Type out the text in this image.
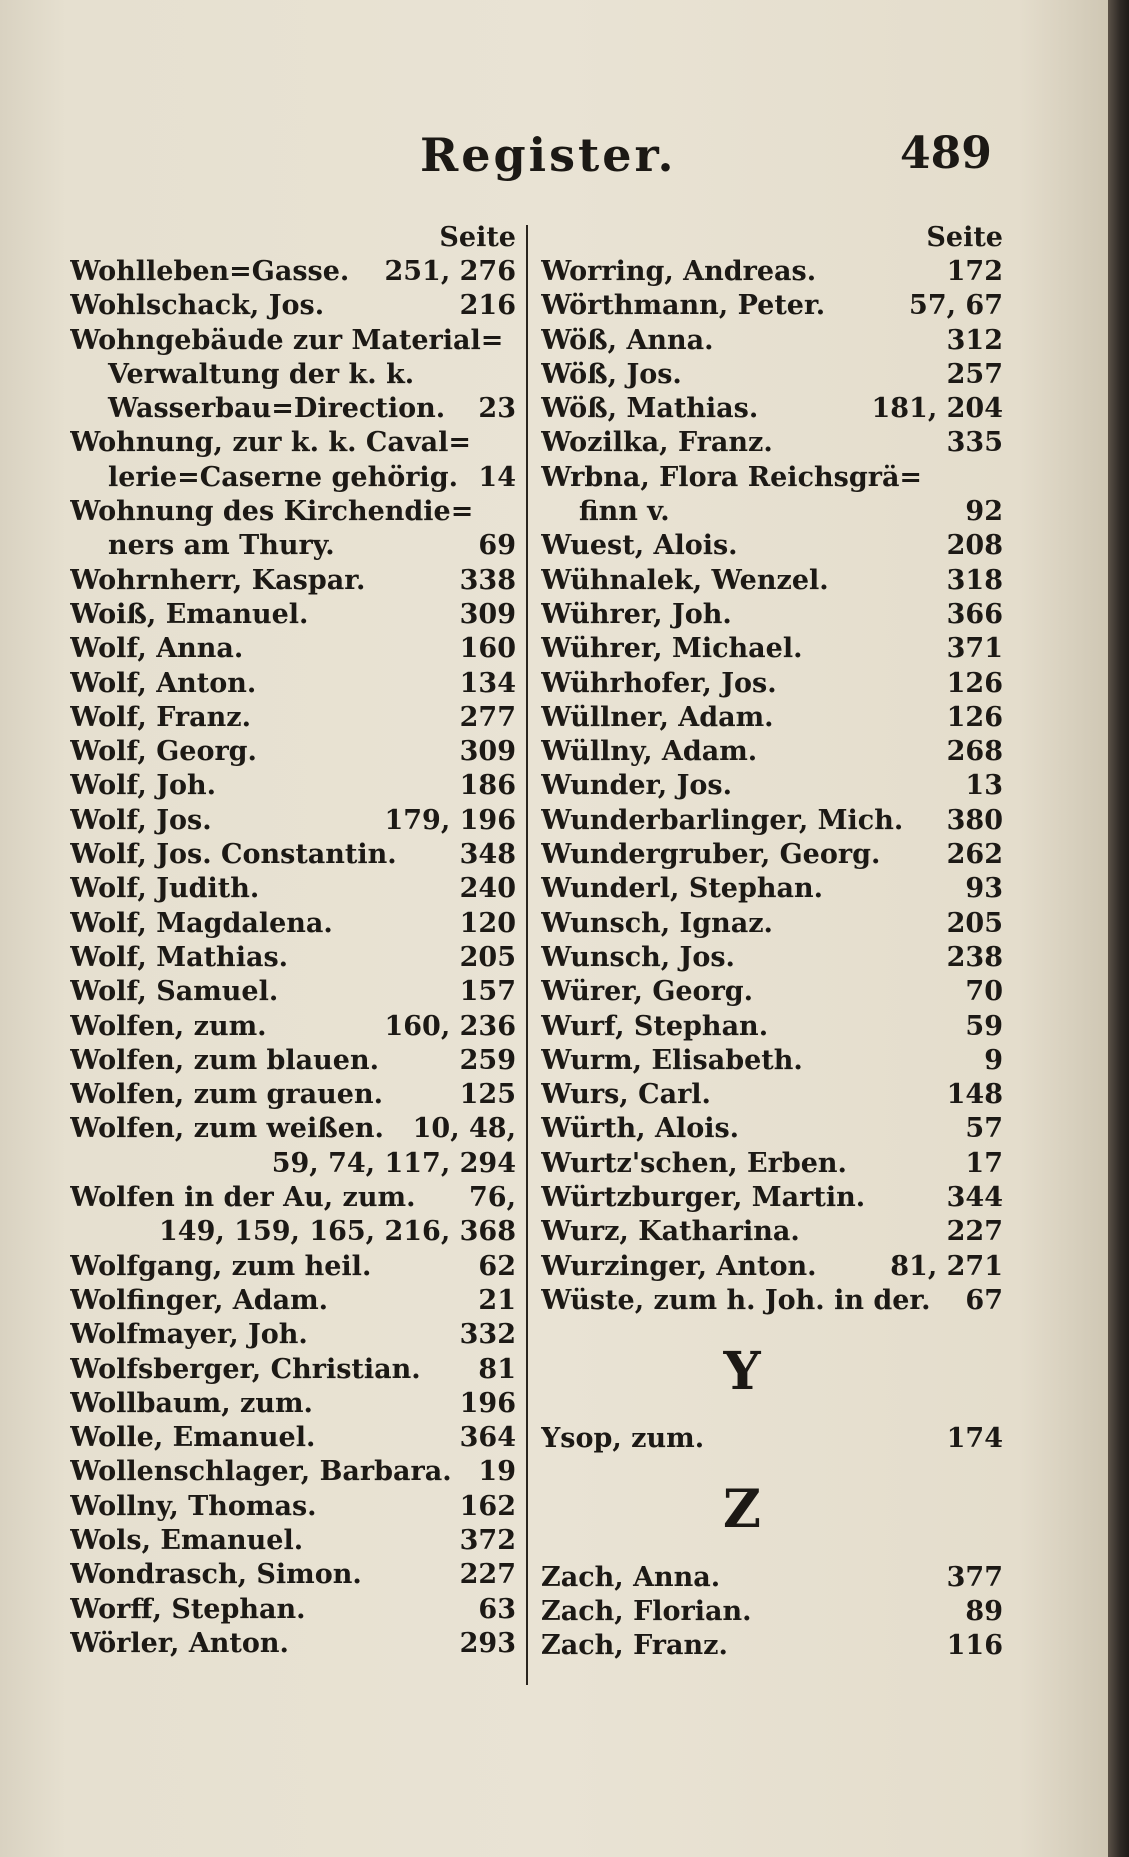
Register.	489
Seite
Wohlleben=Gasse.	251, 276
Wohlschack, Jos.	216
Wohngebäude zur Material=
Verwaltung der k. k.
Wasserbau=Direction.	23
Wohnung, zur k. k. Caval=
lerie=Caserne gehörig. 14
Wohnung des Kirchendie=
ners am Thury.	69
Wohrnherr, Kaspar.	338
Woiß, Emanuel.	309
Wolf, Anna.	160
Wolf, Anton.	134
Wolf, Franz.	277
Wolf, Georg.	309
Wolf, Joh.	186
Wolf, Jos.	179, 196
Wolf, Jos. Constantin.	348
Wolf, Judith.	240
Wolf, Magdalena.	120
Wolf, Mathias.	205
Wolf, Samuel.	157
Wolfen, zum.	160, 236
Wolfen, zum blauen.	259
Wolfen, zum grauen.	125
Wolfen, zum weißen.	10, 48,
59, 74, 117, 294
Wolfen in der Au, zum.	76,
149, 159, 165, 216, 368
Wolfgang, zum heil.	62
Wolfinger, Adam.	21
Wolfmayer, Joh.	332
Wolfsberger, Christian.	81
Wollbaum, zum.	196
Wolle, Emanuel.	364
Wollenschlager, Barbara. 19
Wollny, Thomas.	162
Wols, Emanuel.	372
Wondrasch, Simon.	227
Worff, Stephan.	63
Wörler, Anton.	293
Seite
Worring, Andreas.	172
Wörthmann, Peter.	57, 67
Wöß, Anna.	312
Wöß, Jos.	257
Wöß, Mathias.	181, 204
Wozilka, Franz.	335
Wrbna, Flora Reichsgrä=
finn v.	92
Wuest, Alois.	208
Wühnalek, Wenzel.	318
Wührer, Joh.	366
Wührer, Michael.	371
Wührhofer, Jos.	126
Wüllner, Adam.	126
Wüllny, Adam.	268
Wunder, Jos.	13
Wunderbarlinger, Mich.	380
Wundergruber, Georg.	262
Wunderl, Stephan.	93
Wunsch, Ignaz.	205
Wunsch, Jos.	238
Würer, Georg.	70
Wurf, Stephan.	59
Wurm, Elisabeth.	9
Wurs, Carl.	148
Würth, Alois.	57
Wurtz'schen, Erben.	17
Würtzburger, Martin.	344
Wurz, Katharina.	227
Wurzinger, Anton.	81, 271
Wüste, zum h. Joh. in der.	67
Y
Ysop, zum.	174
Z
Zach, Anna.	377
Zach, Florian.	89
Zach, Franz.	116
